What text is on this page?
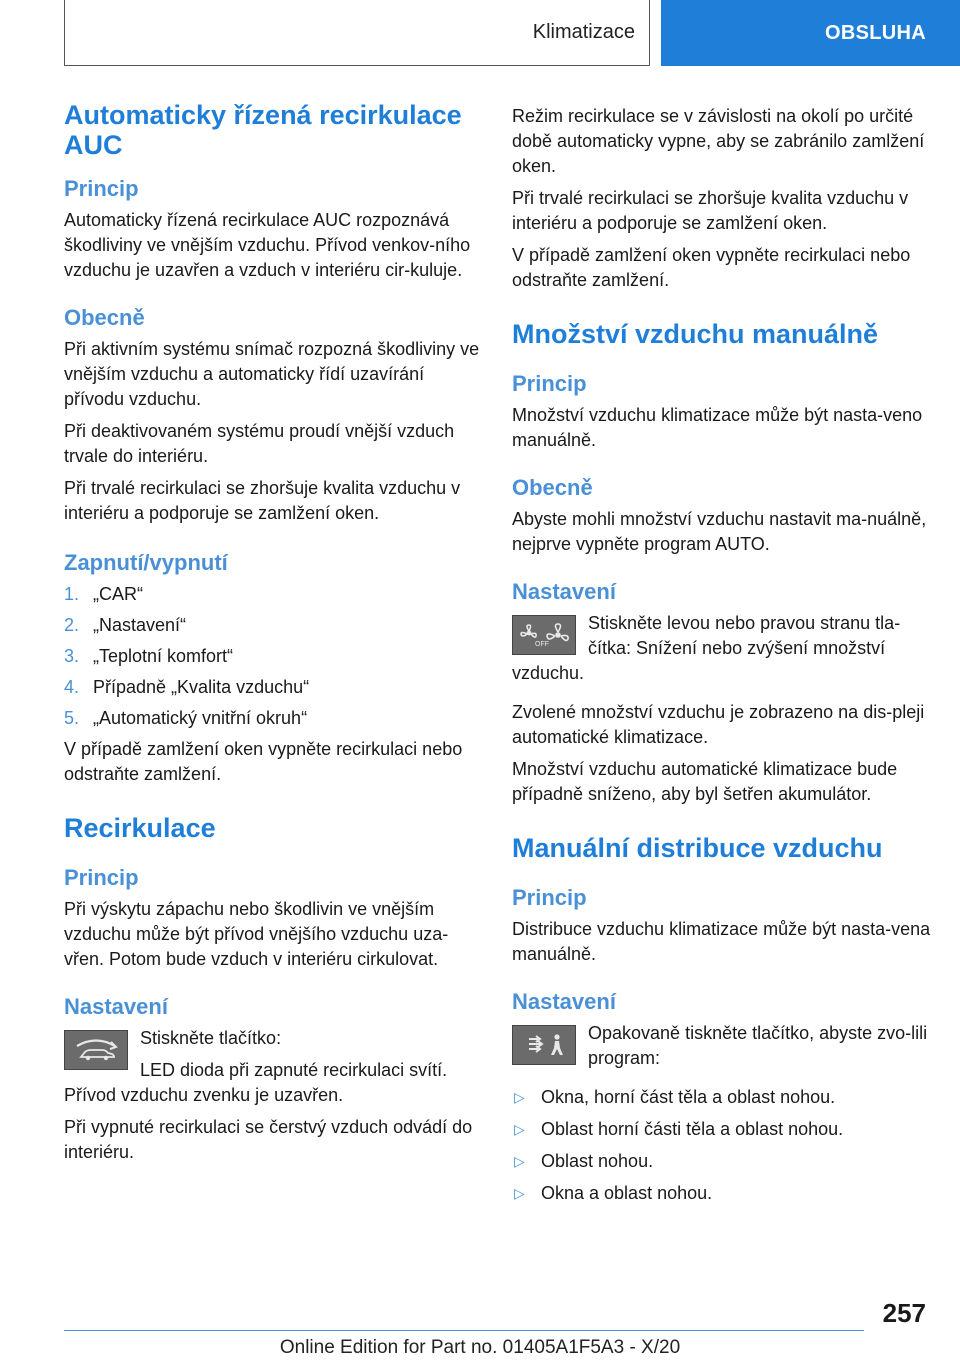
Klimatizace	OBSLUHA
Automaticky řízená recirkulace AUC
Princip

Automaticky řízená recirkulace AUC rozpoznává škodliviny ve vnějším vzduchu. Přívod venkov-ního vzduchu je uzavřen a vzduch v interiéru cir-kuluje.

Obecně

Při aktivním systému snímač rozpozná škodliviny ve vnějším vzduchu a automaticky řídí uzavírání přívodu vzduchu.

Při deaktivovaném systému proudí vnější vzduch trvale do interiéru.

Při trvalé recirkulaci se zhoršuje kvalita vzduchu v interiéru a podporuje se zamlžení oken.

Zapnutí/vypnutí
1. „CAR“
2. „Nastavení“
3. „Teplotní komfort“
4. Případně „Kvalita vzduchu“
5. „Automatický vnitřní okruh“

V případě zamlžení oken vypněte recirkulaci nebo odstraňte zamlžení.

Recirkulace
Princip

Při výskytu zápachu nebo škodlivin ve vnějším vzduchu může být přívod vnějšího vzduchu uza-vřen. Potom bude vzduch v interiéru cirkulovat.

Nastavení

Stiskněte tlačítko:

LED dioda při zapnuté recirkulaci svítí. Přívod vzduchu zvenku je uzavřen.

Při vypnuté recirkulaci se čerstvý vzduch odvádí do interiéru.

Režim recirkulace se v závislosti na okolí po určité době automaticky vypne, aby se zabránilo zamlžení oken.

Při trvalé recirkulaci se zhoršuje kvalita vzduchu v interiéru a podporuje se zamlžení oken.

V případě zamlžení oken vypněte recirkulaci nebo odstraňte zamlžení.

Množství vzduchu manuálně
Princip

Množství vzduchu klimatizace může být nasta-veno manuálně.

Obecně

Abyste mohli množství vzduchu nastavit ma-nuálně, nejprve vypněte program AUTO.

Nastavení
OFF

Stiskněte levou nebo pravou stranu tla-čítka: Snížení nebo zvýšení množství vzduchu.

Zvolené množství vzduchu je zobrazeno na dis-pleji automatické klimatizace.

Množství vzduchu automatické klimatizace bude případně sníženo, aby byl šetřen akumulátor.

Manuální distribuce vzduchu
Princip

Distribuce vzduchu klimatizace může být nasta-vena manuálně.

Nastavení

Opakovaně tiskněte tlačítko, abyste zvo-lili program:

▷ Okna, horní část těla a oblast nohou.
▷ Oblast horní části těla a oblast nohou.
▷ Oblast nohou.
▷ Okna a oblast nohou.
257
Online Edition for Part no. 01405A1F5A3 - X/20
